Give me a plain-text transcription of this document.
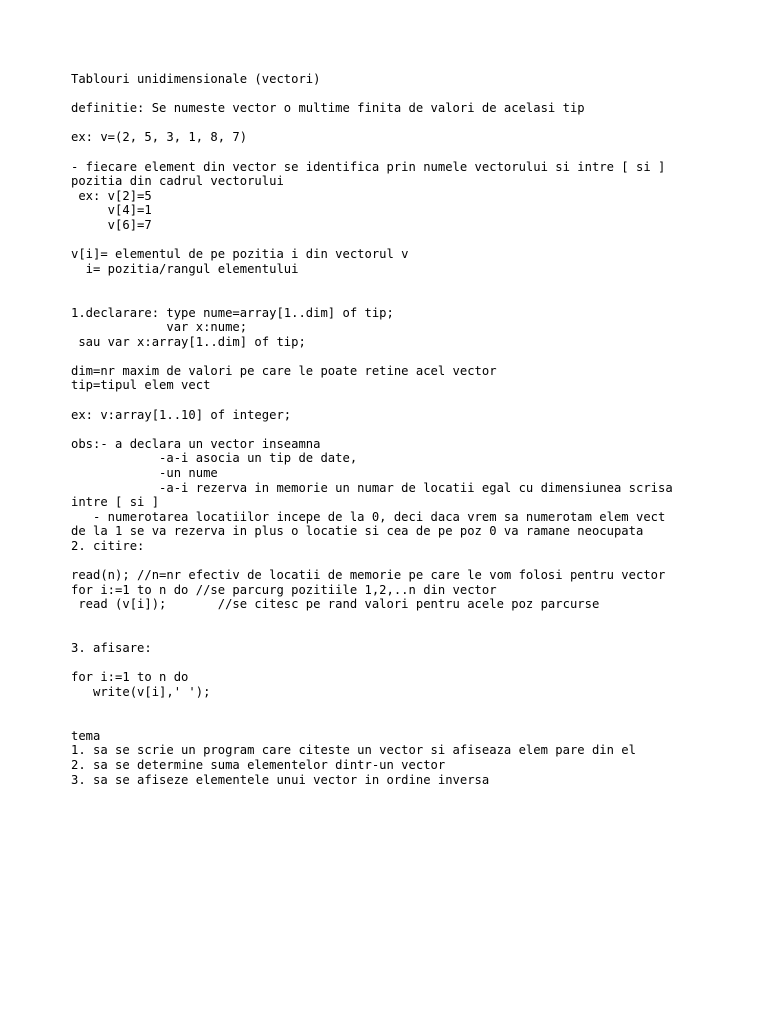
Tablouri unidimensionale (vectori)
definitie: Se numeste vector o multime finita de valori de acelasi tip
ex: v=(2, 5, 3, 1, 8, 7)
- fiecare element din vector se identifica prin numele vectorului si intre [ si ]
pozitia din cadrul vectorului
ex: v[2]=5
v[4]=1
v[6]=7
v[i]= elementul de pe pozitia i din vectorul v
i= pozitia/rangul elementului
1.declarare: type nume=array[1..dim] of tip;
var x:nume;
sau var x:array[1..dim] of tip;
dim=nr maxim de valori pe care le poate retine acel vector
tip=tipul elem vect
ex: v:array[1..10] of integer;
obs:- a declara un vector inseamna
-a-i asocia un tip de date,
-un nume
-a-i rezerva in memorie un numar de locatii egal cu dimensiunea scrisa
intre [ si ]
- numerotarea locatiilor incepe de la 0, deci daca vrem sa numerotam elem vect
de la 1 se va rezerva in plus o locatie si cea de pe poz 0 va ramane neocupata
2. citire:
read(n); //n=nr efectiv de locatii de memorie pe care le vom folosi pentru vector
for i:=1 to n do //se parcurg pozitiile 1,2,..n din vector
read (v[i]);       //se citesc pe rand valori pentru acele poz parcurse
3. afisare:
for i:=1 to n do
write(v[i],' ');
tema
1. sa se scrie un program care citeste un vector si afiseaza elem pare din el
2. sa se determine suma elementelor dintr-un vector
3. sa se afiseze elementele unui vector in ordine inversa
